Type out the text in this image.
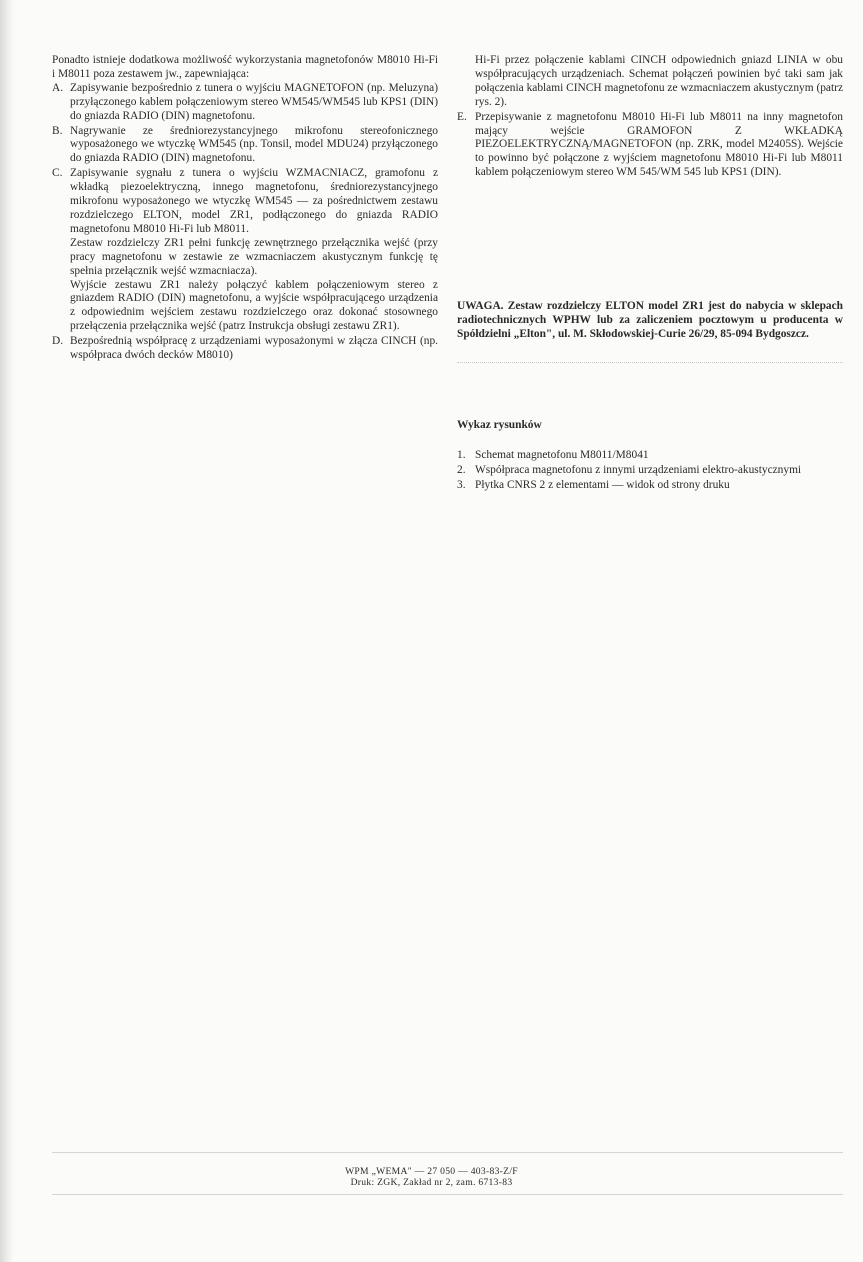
Ponadto istnieje dodatkowa możliwość wykorzystania magnetofonów M8010 Hi-Fi i M8011 poza zestawem jw., zapewniająca:

A. Zapisywanie bezpośrednio z tunera o wyjściu MAGNETOFON (np. Meluzyna) przyłączonego kablem połączeniowym stereo WM545/WM545 lub KPS1 (DIN) do gniazda RADIO (DIN) magnetofonu.

B. Nagrywanie ze średniorezystancyjnego mikrofonu stereofonicznego wyposażonego we wtyczkę WM545 (np. Tonsil, model MDU24) przyłączonego do gniazda RADIO (DIN) magnetofonu.

C. Zapisywanie sygnału z tunera o wyjściu WZMACNIACZ, gramofonu z wkładką piezoelektryczną, innego magnetofonu, średniorezystancyjnego mikrofonu wyposażonego we wtyczkę WM545 — za pośrednictwem zestawu rozdzielczego ELTON, model ZR1, podłączonego do gniazda RADIO magnetofonu M8010 Hi-Fi lub M8011.

Zestaw rozdzielczy ZR1 pełni funkcję zewnętrznego przełącznika wejść (przy pracy magnetofonu w zestawie ze wzmacniaczem akustycznym funkcję tę spełnia przełącznik wejść wzmacniacza).

Wyjście zestawu ZR1 należy połączyć kablem połączeniowym stereo z gniazdem RADIO (DIN) magnetofonu, a wyjście współpracującego urządzenia z odpowiednim wejściem zestawu rozdzielczego oraz dokonać stosownego przełączenia przełącznika wejść (patrz Instrukcja obsługi zestawu ZR1).

D. Bezpośrednią współpracę z urządzeniami wyposażonymi w złącza CINCH (np. współpraca dwóch decków M8010)

Hi-Fi przez połączenie kablami CINCH odpowiednich gniazd LINIA w obu współpracujących urządzeniach. Schemat połączeń powinien być taki sam jak połączenia kablami CINCH magnetofonu ze wzmacniaczem akustycznym (patrz rys. 2).

E. Przepisywanie z magnetofonu M8010 Hi-Fi lub M8011 na inny magnetofon mający wejście GRAMOFON Z WKŁADKĄ PIEZOELEKTRYCZNĄ/MAGNETOFON (np. ZRK, model M2405S). Wejście to powinno być połączone z wyjściem magnetofonu M8010 Hi-Fi lub M8011 kablem połączeniowym stereo WM 545/WM 545 lub KPS1 (DIN).

UWAGA. Zestaw rozdzielczy ELTON model ZR1 jest do nabycia w sklepach radiotechnicznych WPHW lub za zaliczeniem pocztowym u producenta w Spółdzielni „Elton", ul. M. Skłodowskiej-Curie 26/29, 85-094 Bydgoszcz.
Wykaz rysunków
1. Schemat magnetofonu M8011/M8041
2. Współpraca magnetofonu z innymi urządzeniami elektro-akustycznymi
3. Płytka CNRS 2 z elementami — widok od strony druku
WPM „WEMA" — 27 050 — 403-83-Z/F
Druk: ZGK, Zakład nr 2, zam. 6713-83
